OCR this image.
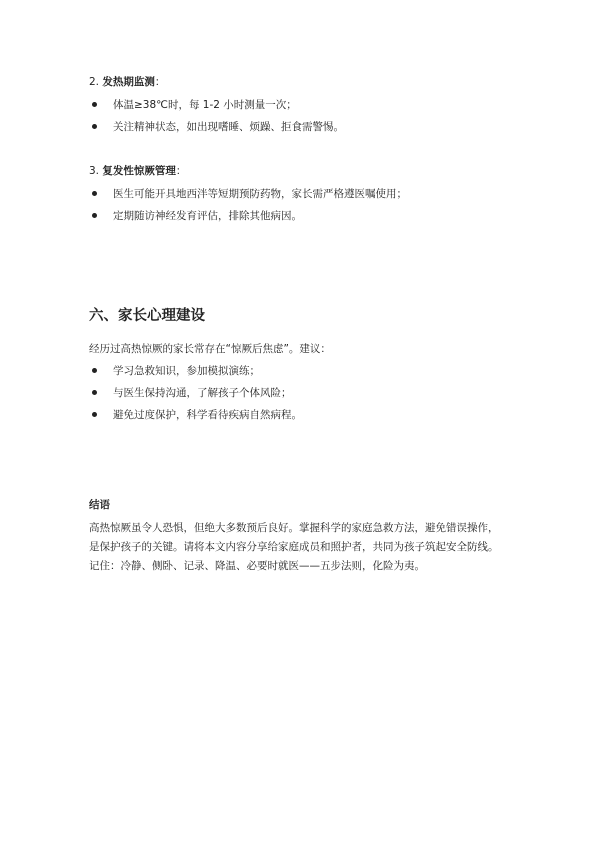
2. 发热期监测：
体温≥38℃时，每 1-2 小时测量一次；
关注精神状态，如出现嗜睡、烦躁、拒食需警惕。
3. 复发性惊厥管理：
医生可能开具地西泮等短期预防药物，家长需严格遵医嘱使用；
定期随访神经发育评估，排除其他病因。
六、家长心理建设
经历过高热惊厥的家长常存在“惊厥后焦虑”。建议：
学习急救知识，参加模拟演练；
与医生保持沟通，了解孩子个体风险；
避免过度保护，科学看待疾病自然病程。
结语
高热惊厥虽令人恐惧，但绝大多数预后良好。掌握科学的家庭急救方法，避免错误操作，
是保护孩子的关键。请将本文内容分享给家庭成员和照护者，共同为孩子筑起安全防线。
记住：冷静、侧卧、记录、降温、必要时就医——五步法则，化险为夷。
